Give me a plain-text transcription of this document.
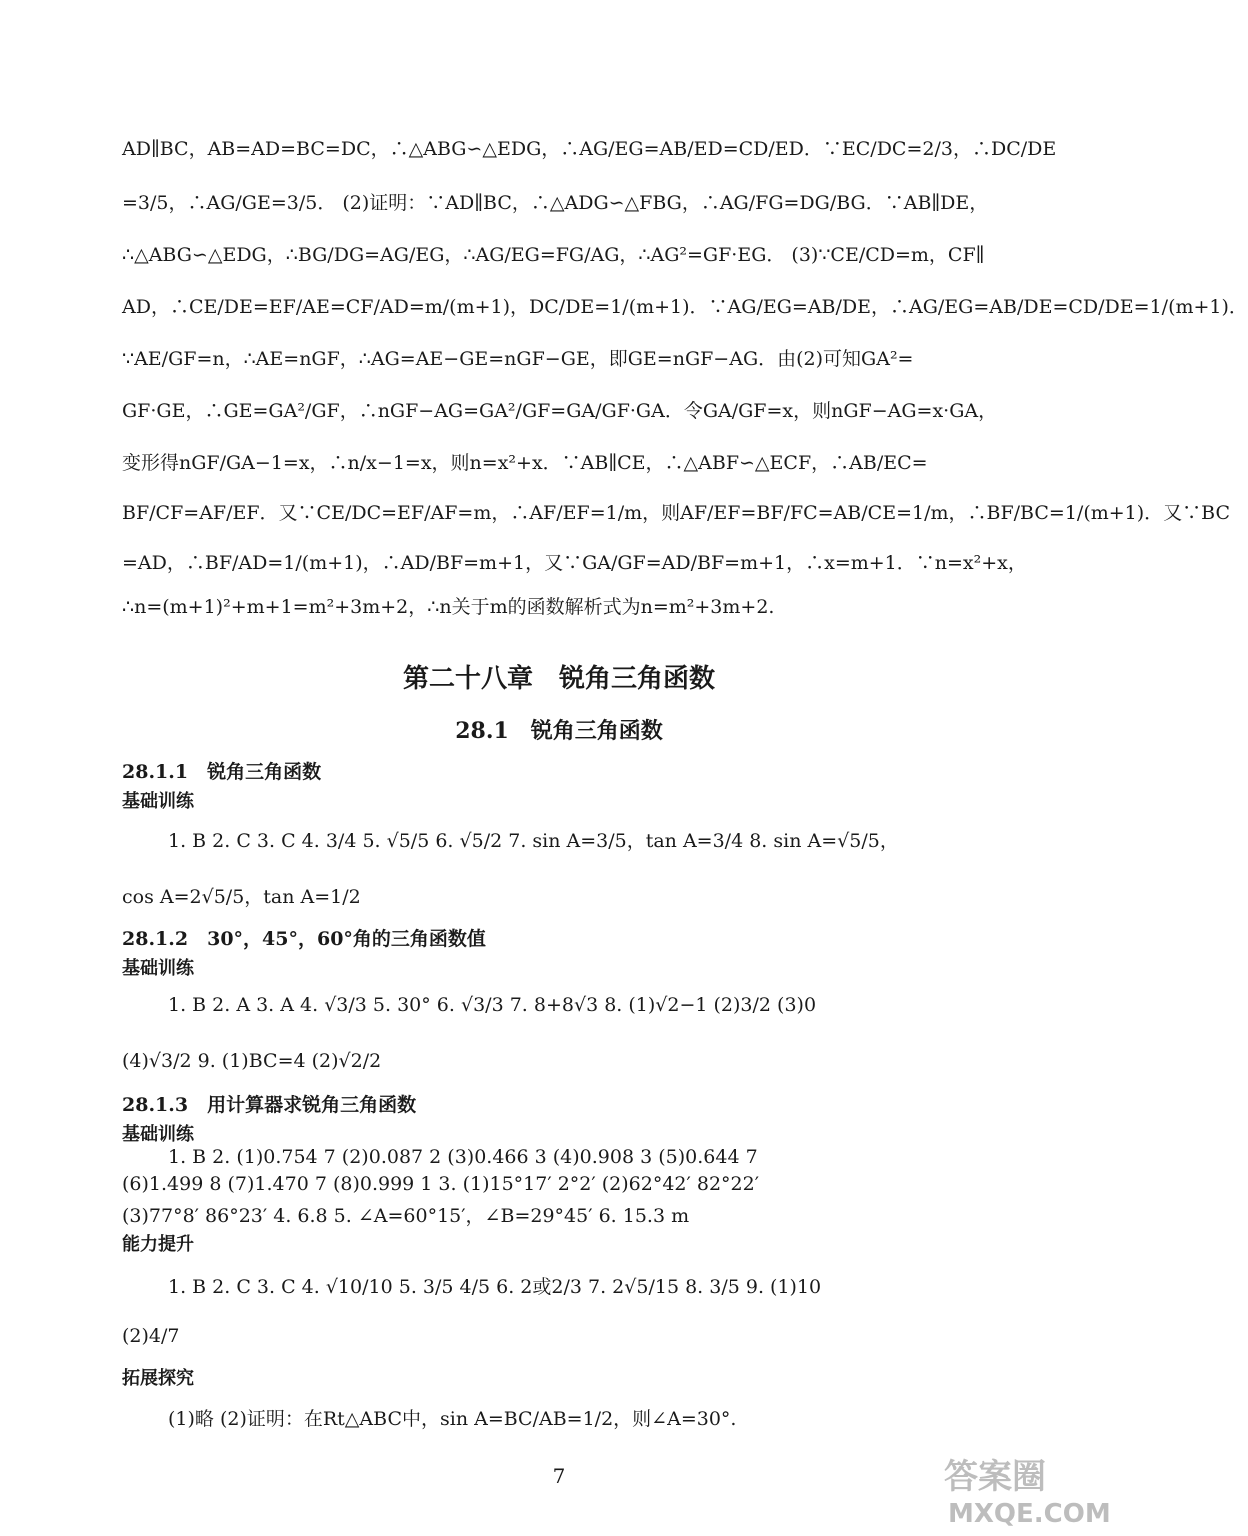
AD∥BC，AB=AD=BC=DC，∴△ABG∽△EDG，∴AG/EG=AB/ED=CD/ED．∵EC/DC=2/3，∴DC/DE
=3/5，∴AG/GE=3/5． (2)证明：∵AD∥BC，∴△ADG∽△FBG，∴AG/FG=DG/BG．∵AB∥DE，
∴△ABG∽△EDG，∴BG/DG=AG/EG，∴AG/EG=FG/AG，∴AG²=GF·EG． (3)∵CE/CD=m，CF∥
AD，∴CE/DE=EF/AE=CF/AD=m/(m+1)，DC/DE=1/(m+1)．∵AG/EG=AB/DE，∴AG/EG=AB/DE=CD/DE=1/(m+1)．
∵AE/GF=n，∴AE=nGF，∴AG=AE−GE=nGF−GE，即GE=nGF−AG．由(2)可知GA²=
GF·GE，∴GE=GA²/GF，∴nGF−AG=GA²/GF=GA/GF·GA．令GA/GF=x，则nGF−AG=x·GA，
变形得nGF/GA−1=x，∴n/x−1=x，则n=x²+x．∵AB∥CE，∴△ABF∽△ECF，∴AB/EC=
BF/CF=AF/EF．又∵CE/DC=EF/AF=m，∴AF/EF=1/m，则AF/EF=BF/FC=AB/CE=1/m，∴BF/BC=1/(m+1)．又∵BC
=AD，∴BF/AD=1/(m+1)，∴AD/BF=m+1，又∵GA/GF=AD/BF=m+1，∴x=m+1．∵n=x²+x，
∴n=(m+1)²+m+1=m²+3m+2，∴n关于m的函数解析式为n=m²+3m+2.
第二十八章　锐角三角函数
28.1　锐角三角函数
28.1.1　锐角三角函数
基础训练
1. B 2. C 3. C 4. 3/4 5. √5/5 6. √5/2 7. sin A=3/5，tan A=3/4 8. sin A=√5/5，
cos A=2√5/5，tan A=1/2
28.1.2　30°，45°，60°角的三角函数值
基础训练
1. B 2. A 3. A 4. √3/3 5. 30° 6. √3/3 7. 8+8√3 8. (1)√2−1 (2)3/2 (3)0
(4)√3/2 9. (1)BC=4 (2)√2/2
28.1.3　用计算器求锐角三角函数
基础训练
1. B 2. (1)0.754 7 (2)0.087 2 (3)0.466 3 (4)0.908 3 (5)0.644 7
(6)1.499 8 (7)1.470 7 (8)0.999 1 3. (1)15°17′ 2°2′ (2)62°42′ 82°22′
(3)77°8′ 86°23′ 4. 6.8 5. ∠A=60°15′，∠B=29°45′ 6. 15.3 m
能力提升
1. B 2. C 3. C 4. √10/10 5. 3/5 4/5 6. 2或2/3 7. 2√5/15 8. 3/5 9. (1)10
(2)4/7
拓展探究
(1)略 (2)证明：在Rt△ABC中，sin A=BC/AB=1/2，则∠A=30°.
7	答案圈
MXQE.COM
